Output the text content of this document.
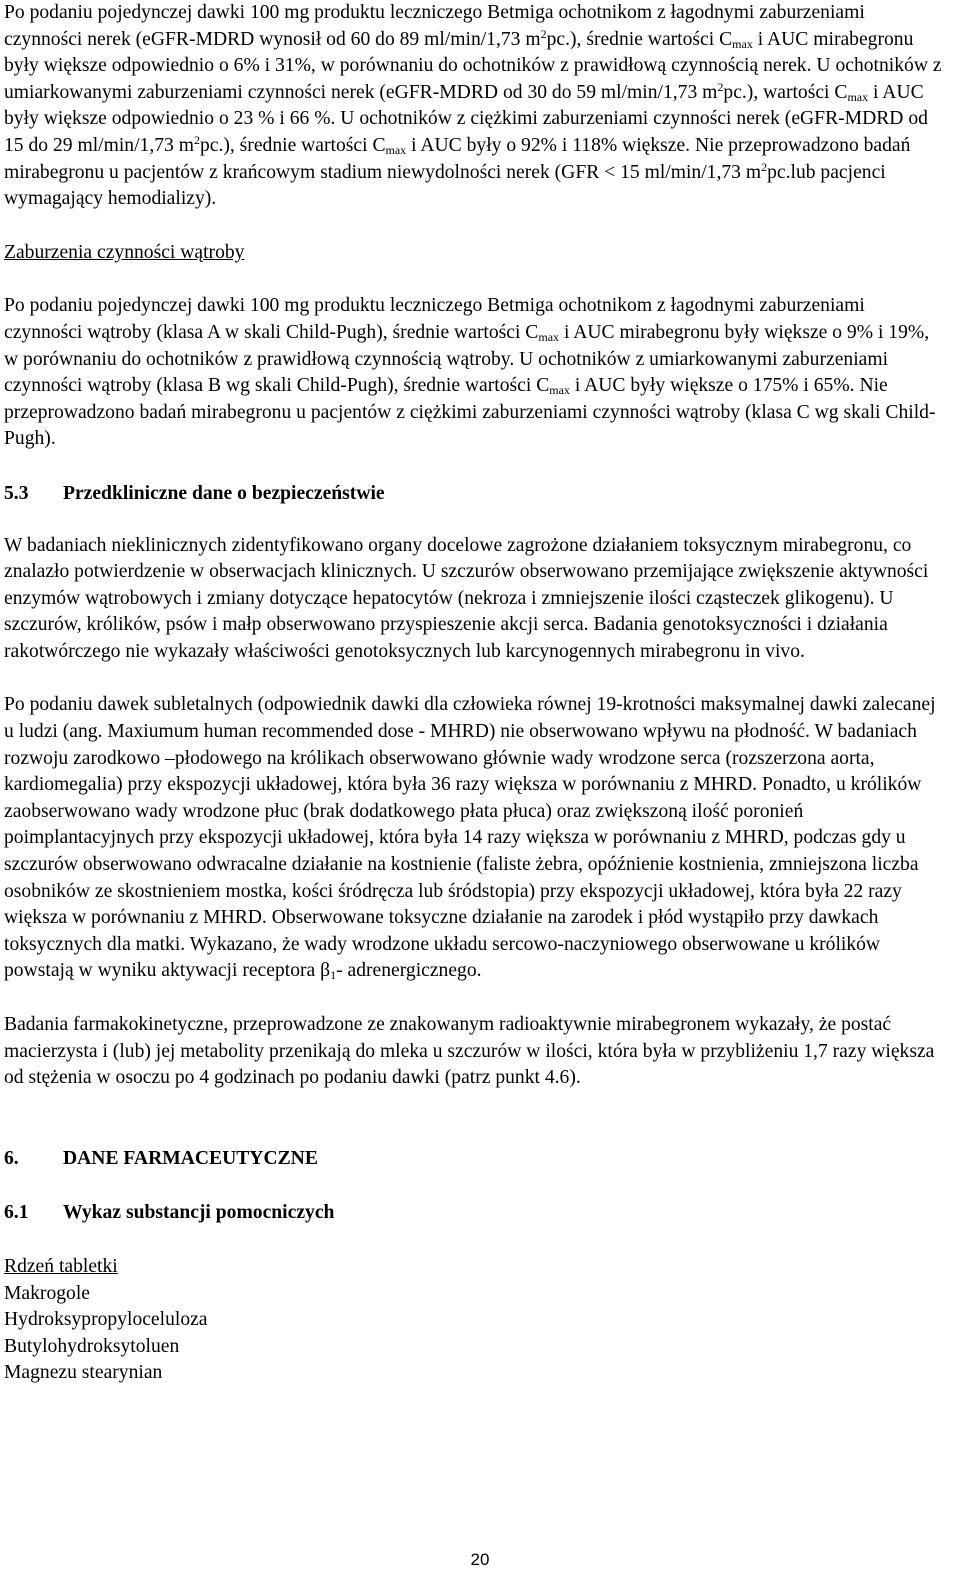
Po podaniu pojedynczej dawki 100 mg produktu leczniczego Betmiga ochotnikom z łagodnymi zaburzeniami czynności nerek (eGFR-MDRD wynosił od 60 do 89 ml/min/1,73 $m^2pc$.), średnie wartości $C_{max}$ i AUC mirabegronu były większe odpowiednio o 6% i 31%, w porównaniu do ochotników z prawidłową czynnością nerek. U ochotników z umiarkowanymi zaburzeniami czynności nerek (eGFR-MDRD od 30 do 59 ml/min/1,73 $m^2pc$.), wartości $C_{max}$ i AUC były większe odpowiednio o 23 % i 66 %. U ochotników z ciężkimi zaburzeniami czynności nerek (eGFR-MDRD od 15 do 29 ml/min/1,73 $m^2pc$.), średnie wartości $C_{max}$ i AUC były o 92% i 118% większe. Nie przeprowadzono badań mirabegronu u pacjentów z krańcowym stadium niewydolności nerek (GFR < 15 ml/min/1,73 $m^2pc.lub$ pacjenci wymagający hemodializy).

Zaburzenia czynności wątroby

Po podaniu pojedynczej dawki 100 mg produktu leczniczego Betmiga ochotnikom z łagodnymi zaburzeniami czynności wątroby (klasa A w skali Child-Pugh), średnie wartości $C_{max}$ i AUC mirabegronu były większe o 9% i 19%, w porównaniu do ochotników z prawidłową czynnością wątroby. U ochotników z umiarkowanymi zaburzeniami czynności wątroby (klasa B wg skali Child-Pugh), średnie wartości $C_{max}$ i AUC były większe o 175% i 65%. Nie przeprowadzono badań mirabegronu u pacjentów z ciężkimi zaburzeniami czynności wątroby (klasa C wg skali Child-Pugh).

5.3	Przedkliniczne dane o bezpieczeństwie

W badaniach nieklinicznych zidentyfikowano organy docelowe zagrożone działaniem toksycznym mirabegronu, co znalazło potwierdzenie w obserwacjach klinicznych. U szczurów obserwowano przemijające zwiększenie aktywności enzymów wątrobowych i zmiany dotyczące hepatocytów (nekroza i zmniejszenie ilości cząsteczek glikogenu). U szczurów, królików, psów i małp obserwowano przyspieszenie akcji serca. Badania genotoksyczności i działania rakotwórczego nie wykazały właściwości genotoksycznych lub karcynogennych mirabegronu in vivo.

Po podaniu dawek subletalnych (odpowiednik dawki dla człowieka równej 19-krotności maksymalnej dawki zalecanej u ludzi (ang. Maxiumum human recommended dose - MHRD) nie obserwowano wpływu na płodność. W badaniach rozwoju zarodkowo –płodowego na królikach obserwowano głównie wady wrodzone serca (rozszerzona aorta, kardiomegalia) przy ekspozycji układowej, która była 36 razy większa w porównaniu z MHRD. Ponadto, u królików zaobserwowano wady wrodzone płuc (brak dodatkowego płata płuca) oraz zwiększoną ilość poronień poimplantacyjnych przy ekspozycji układowej, która była 14 razy większa w porównaniu z MHRD, podczas gdy u szczurów obserwowano odwracalne działanie na kostnienie (faliste żebra, opóźnienie kostnienia, zmniejszona liczba osobników ze skostnieniem mostka, kości śródręcza lub śródstopia) przy ekspozycji układowej, która była 22 razy większa w porównaniu z MHRD. Obserwowane toksyczne działanie na zarodek i płód wystąpiło przy dawkach toksycznych dla matki. Wykazano, że wady wrodzone układu sercowo-naczyniowego obserwowane u królików powstają w wyniku aktywacji receptora $\beta_1-$ adrenergicznego.

Badania farmakokinetyczne, przeprowadzone ze znakowanym radioaktywnie mirabegronem wykazały, że postać macierzysta i (lub) jej metabolity przenikają do mleka u szczurów w ilości, która była w przybliżeniu 1,7 razy większa od stężenia w osoczu po 4 godzinach po podaniu dawki (patrz punkt 4.6).

6.	DANE FARMACEUTYCZNE

6.1	Wykaz substancji pomocniczych

Rdzeń tabletki

Makrogole
Hydroksypropyloceluloza
Butylohydroksytoluen
Magnezu stearynian
20
